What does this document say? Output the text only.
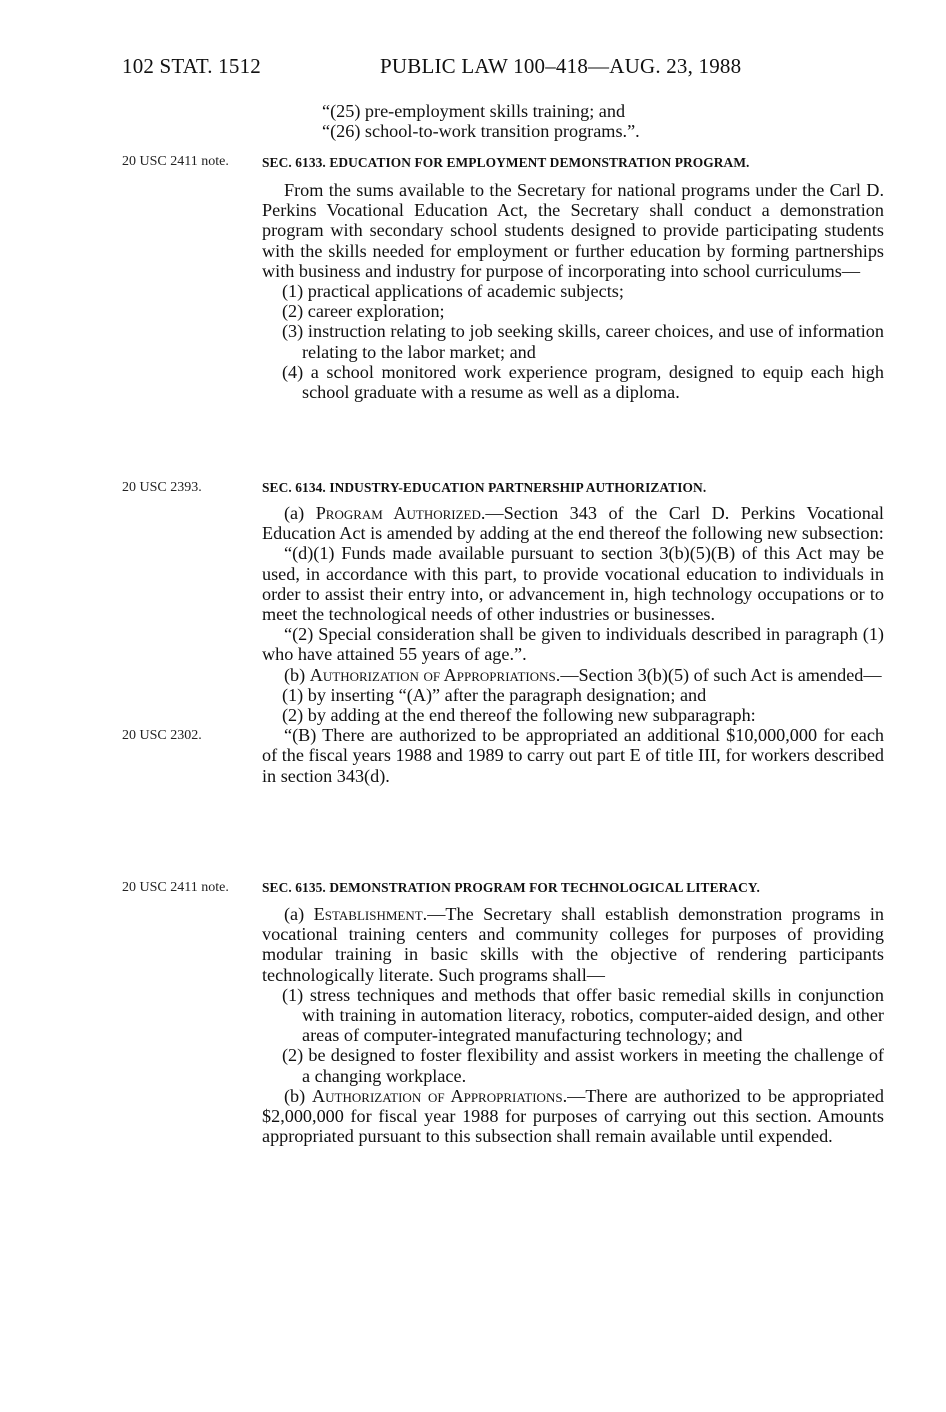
102 STAT. 1512	PUBLIC LAW 100–418—AUG. 23, 1988

“(25) pre-employment skills training; and

“(26) school-to-work transition programs.”.

20 USC 2411 note.
20 USC 2393.
20 USC 2302.
20 USC 2411 note.
SEC. 6133. EDUCATION FOR EMPLOYMENT DEMONSTRATION PROGRAM.

From the sums available to the Secretary for national programs under the Carl D. Perkins Vocational Education Act, the Secretary shall conduct a demonstration program with secondary school students designed to provide participating students with the skills needed for employment or further education by forming partnerships with business and industry for purpose of incorporating into school curriculums—

(1) practical applications of academic subjects;

(2) career exploration;

(3) instruction relating to job seeking skills, career choices, and use of information relating to the labor market; and

(4) a school monitored work experience program, designed to equip each high school graduate with a resume as well as a diploma.

SEC. 6134. INDUSTRY-EDUCATION PARTNERSHIP AUTHORIZATION.

(a) Program Authorized.—Section 343 of the Carl D. Perkins Vocational Education Act is amended by adding at the end thereof the following new subsection:

“(d)(1) Funds made available pursuant to section 3(b)(5)(B) of this Act may be used, in accordance with this part, to provide vocational education to individuals in order to assist their entry into, or advancement in, high technology occupations or to meet the technological needs of other industries or businesses.

“(2) Special consideration shall be given to individuals described in paragraph (1) who have attained 55 years of age.”.

(b) Authorization of Appropriations.—Section 3(b)(5) of such Act is amended—

(1) by inserting “(A)” after the paragraph designation; and

(2) by adding at the end thereof the following new subparagraph:

“(B) There are authorized to be appropriated an additional $10,000,000 for each of the fiscal years 1988 and 1989 to carry out part E of title III, for workers described in section 343(d).

SEC. 6135. DEMONSTRATION PROGRAM FOR TECHNOLOGICAL LITERACY.

(a) Establishment.—The Secretary shall establish demonstration programs in vocational training centers and community colleges for purposes of providing modular training in basic skills with the objective of rendering participants technologically literate. Such programs shall—

(1) stress techniques and methods that offer basic remedial skills in conjunction with training in automation literacy, robotics, computer-aided design, and other areas of computer-integrated manufacturing technology; and

(2) be designed to foster flexibility and assist workers in meeting the challenge of a changing workplace.

(b) Authorization of Appropriations.—There are authorized to be appropriated $2,000,000 for fiscal year 1988 for purposes of carrying out this section. Amounts appropriated pursuant to this subsection shall remain available until expended.
